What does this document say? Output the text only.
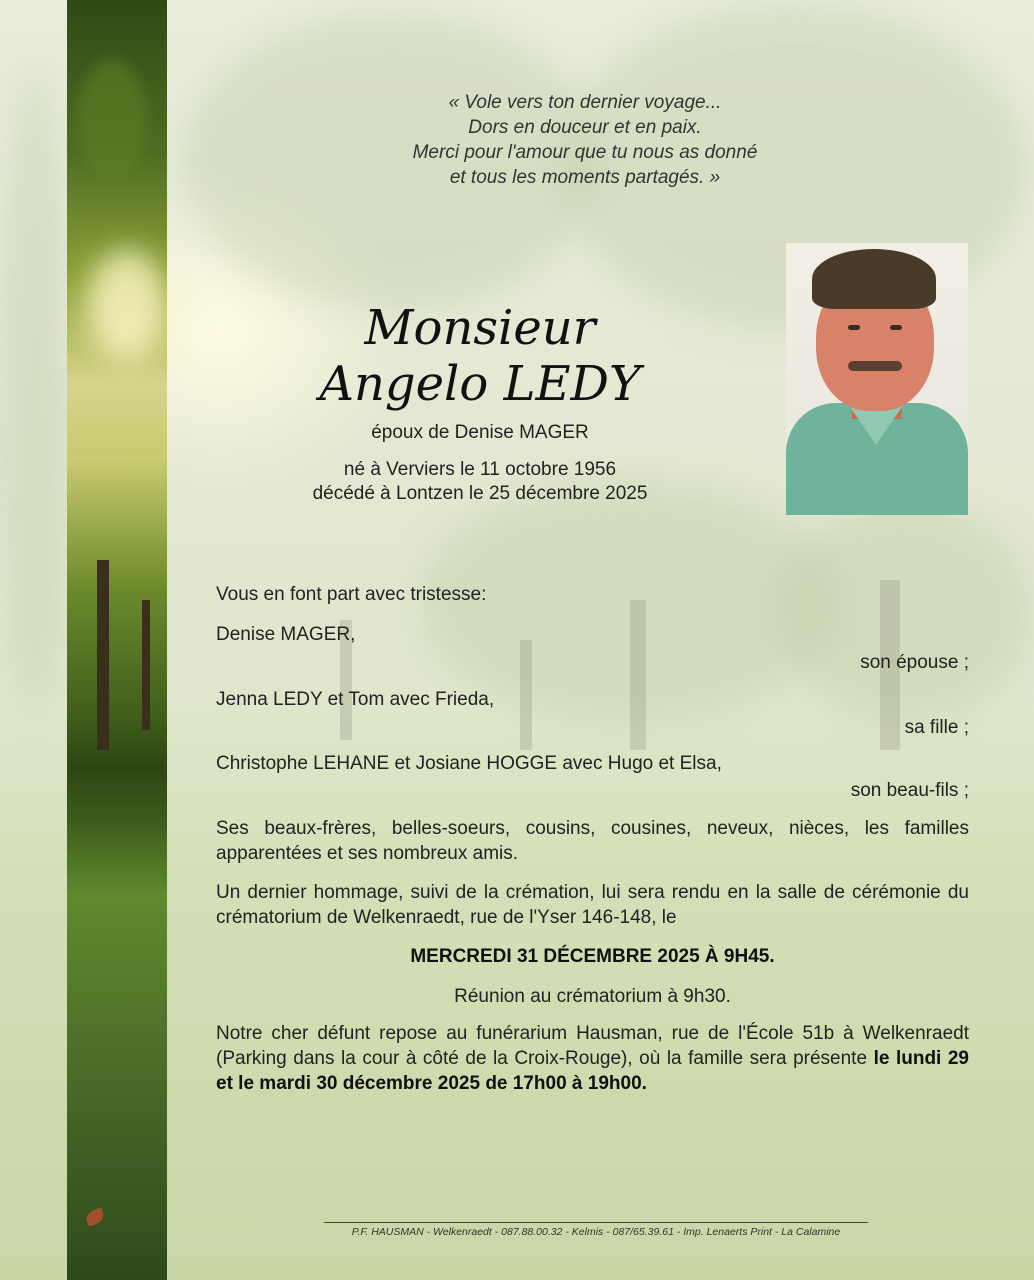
« Vole vers ton dernier voyage...
Dors en douceur et en paix.
Merci pour l'amour que tu nous as donné
et tous les moments partagés. »
Monsieur
Angelo LEDY
époux de Denise MAGER
né à Verviers le 11 octobre 1956
décédé à Lontzen le 25 décembre 2025
Vous en font part avec tristesse:
Denise MAGER,
son épouse ;
Jenna LEDY et Tom avec Frieda,
sa fille ;
Christophe LEHANE et Josiane HOGGE avec Hugo et Elsa,
son beau-fils ;
Ses beaux-frères, belles-soeurs, cousins, cousines, neveux, nièces, les familles apparentées et ses nombreux amis.
Un dernier hommage, suivi de la crémation, lui sera rendu en la salle de cérémonie du crématorium de Welkenraedt, rue de l'Yser 146-148, le
MERCREDI 31 DÉCEMBRE 2025 À 9H45.
Réunion au crématorium à 9h30.
Notre cher défunt repose au funérarium Hausman, rue de l'École 51b à Welkenraedt (Parking dans la cour à côté de la Croix-Rouge), où la famille sera présente le lundi 29 et le mardi 30 décembre 2025 de 17h00 à 19h00.
P.F. HAUSMAN - Welkenraedt - 087.88.00.32 - Kelmis - 087/65.39.61 - Imp. Lenaerts Print - La Calamine
